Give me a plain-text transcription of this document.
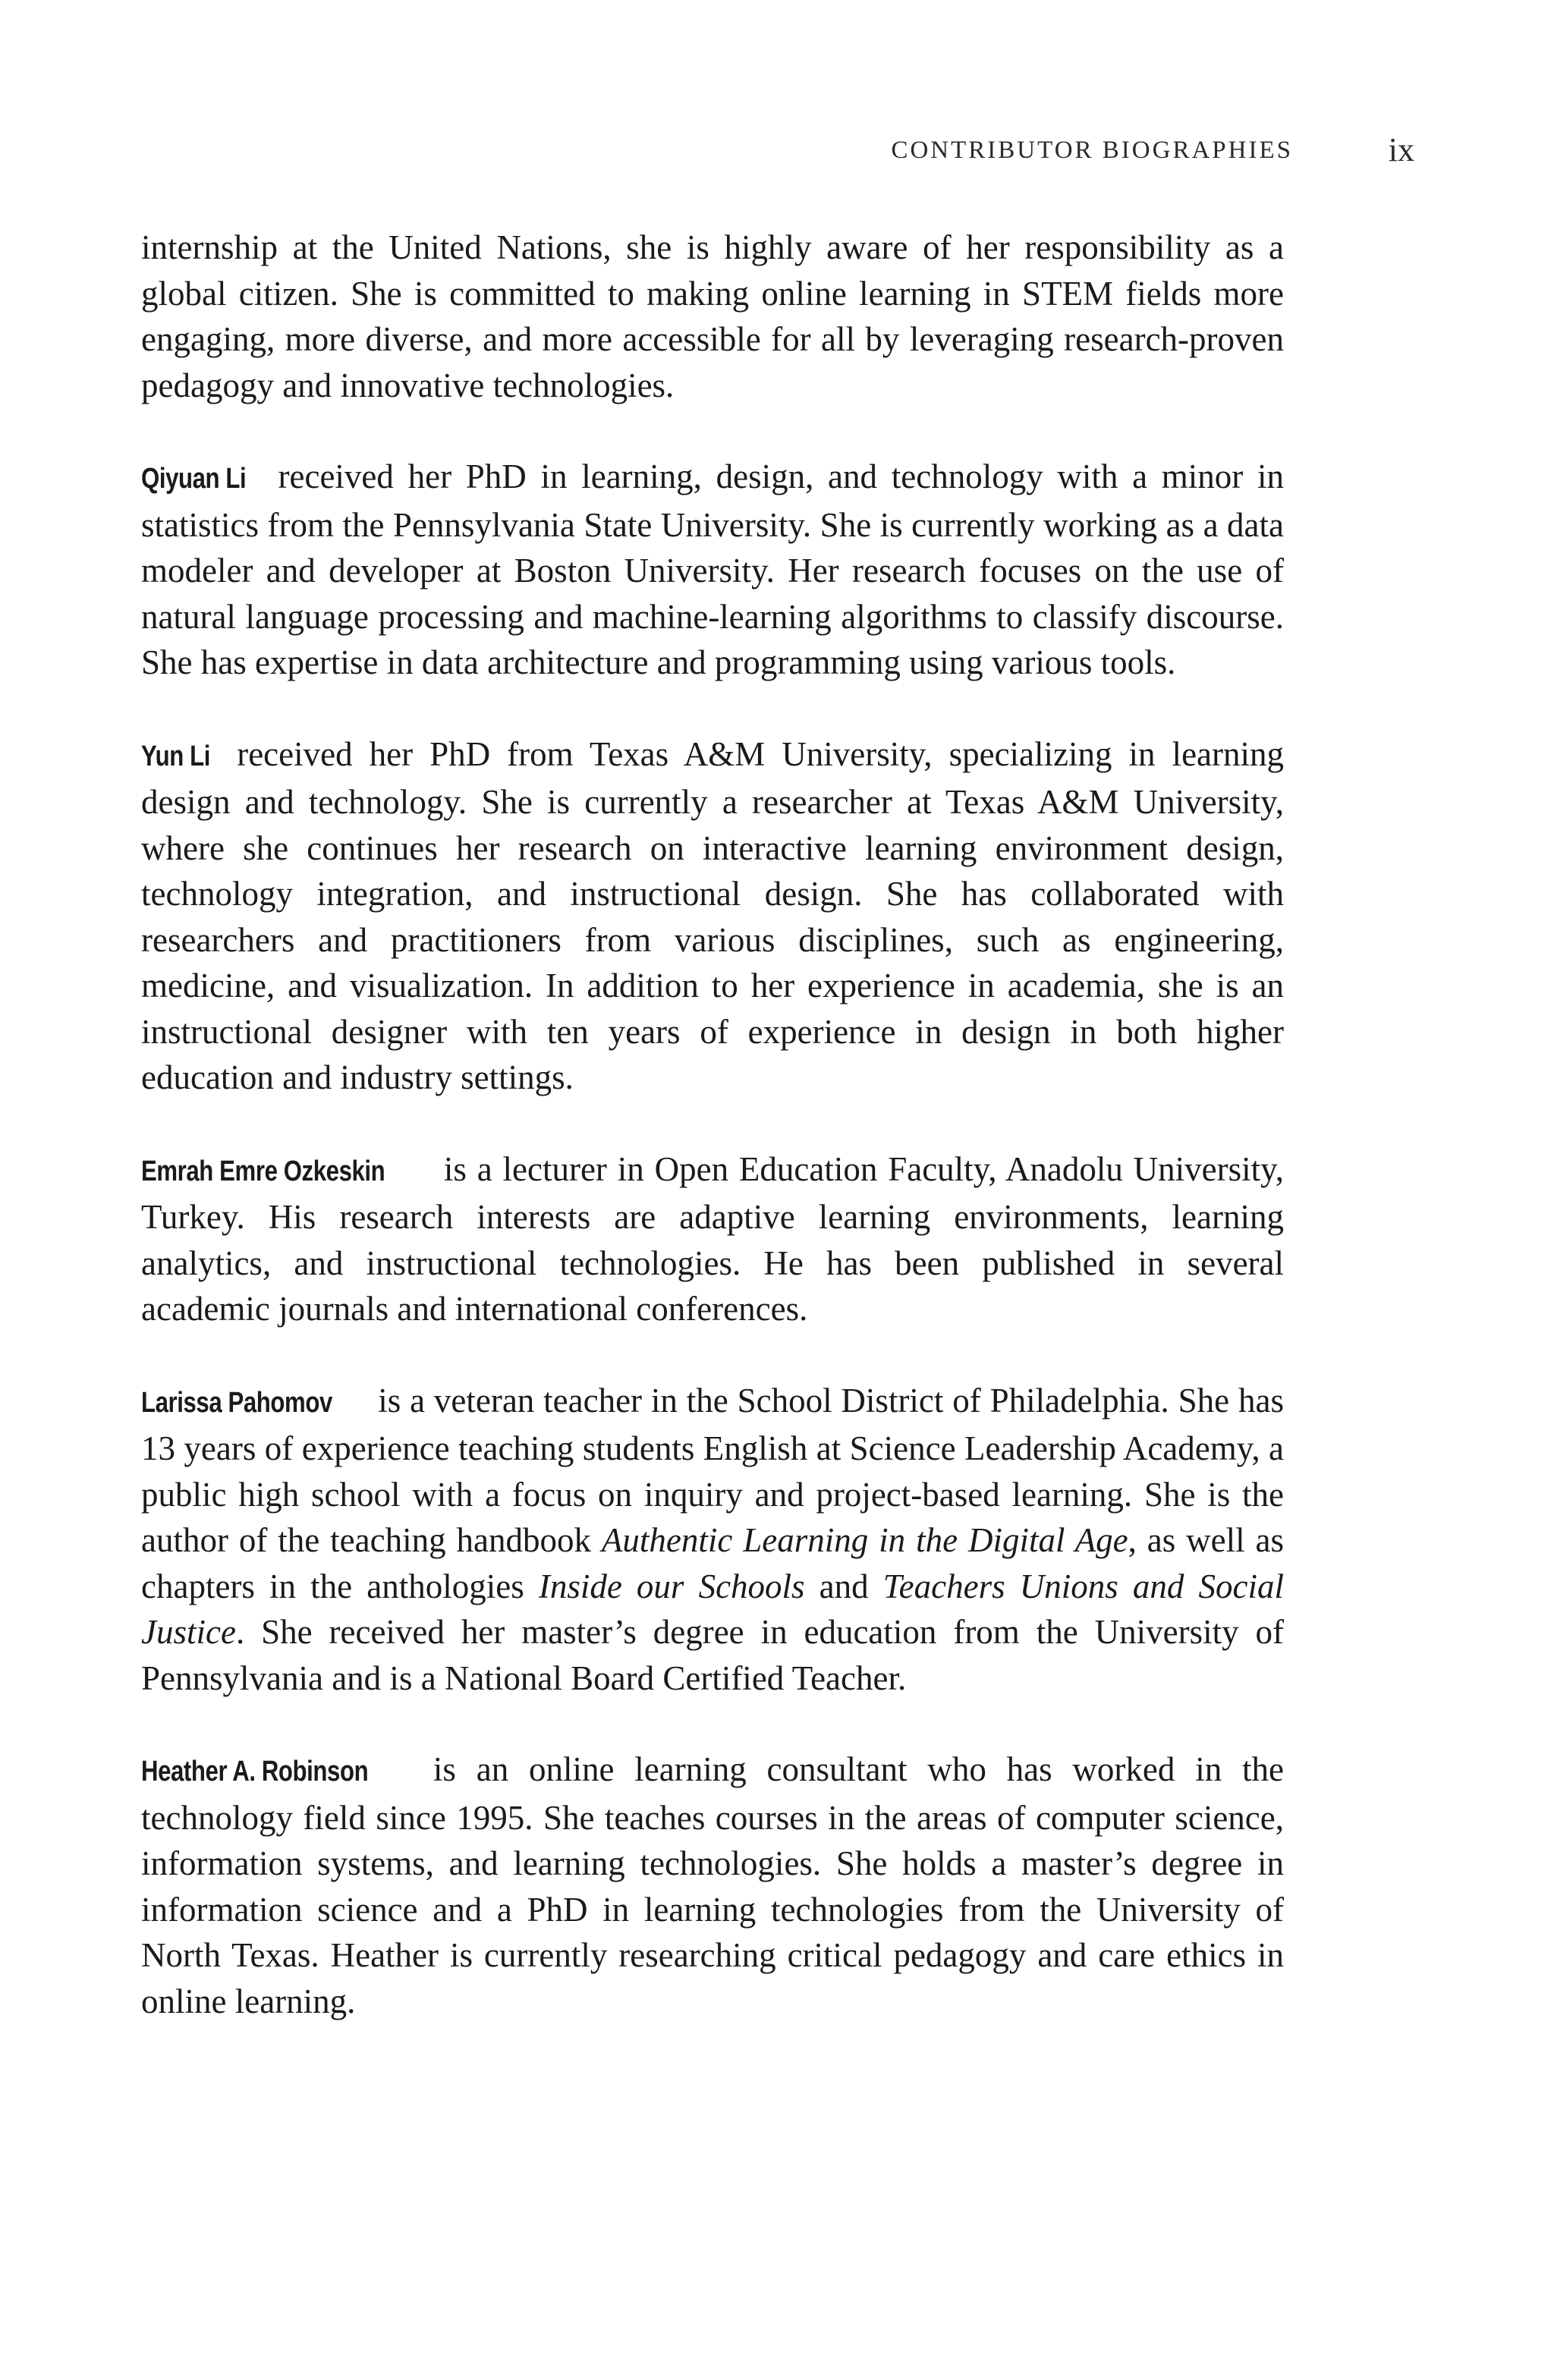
CONTRIBUTOR BIOGRAPHIES	ix

internship at the United Nations, she is highly aware of her responsibility as a global citizen. She is committed to making online learning in STEM fields more engaging, more diverse, and more accessible for all by leveraging research-proven pedagogy and innovative technologies.

Qiyuan Li received her PhD in learning, design, and technology with a minor in statistics from the Pennsylvania State University. She is currently working as a data modeler and developer at Boston University. Her research focuses on the use of natural language processing and machine-learning algorithms to classify discourse. She has expertise in data architecture and programming using various tools.

Yun Li received her PhD from Texas A&M University, specializing in learning design and technology. She is currently a researcher at Texas A&M University, where she continues her research on interactive learning environment design, technology integration, and instructional design. She has collaborated with researchers and practitioners from various disciplines, such as engineering, medicine, and visualization. In addition to her experience in academia, she is an instructional designer with ten years of experience in design in both higher education and industry settings.

Emrah Emre Ozkeskin is a lecturer in Open Education Faculty, Anadolu University, Turkey. His research interests are adaptive learning environments, learning analytics, and instructional technologies. He has been published in several academic journals and international conferences.

Larissa Pahomov is a veteran teacher in the School District of Philadelphia. She has 13 years of experience teaching students English at Science Leadership Academy, a public high school with a focus on inquiry and project-based learning. She is the author of the teaching handbook Authentic Learning in the Digital Age, as well as chapters in the anthologies Inside our Schools and Teachers Unions and Social Justice. She received her master’s degree in education from the University of Pennsylvania and is a National Board Certified Teacher.

Heather A. Robinson is an online learning consultant who has worked in the technology field since 1995. She teaches courses in the areas of computer science, information systems, and learning technologies. She holds a master’s degree in information science and a PhD in learning technologies from the University of North Texas. Heather is currently researching critical pedagogy and care ethics in online learning.
